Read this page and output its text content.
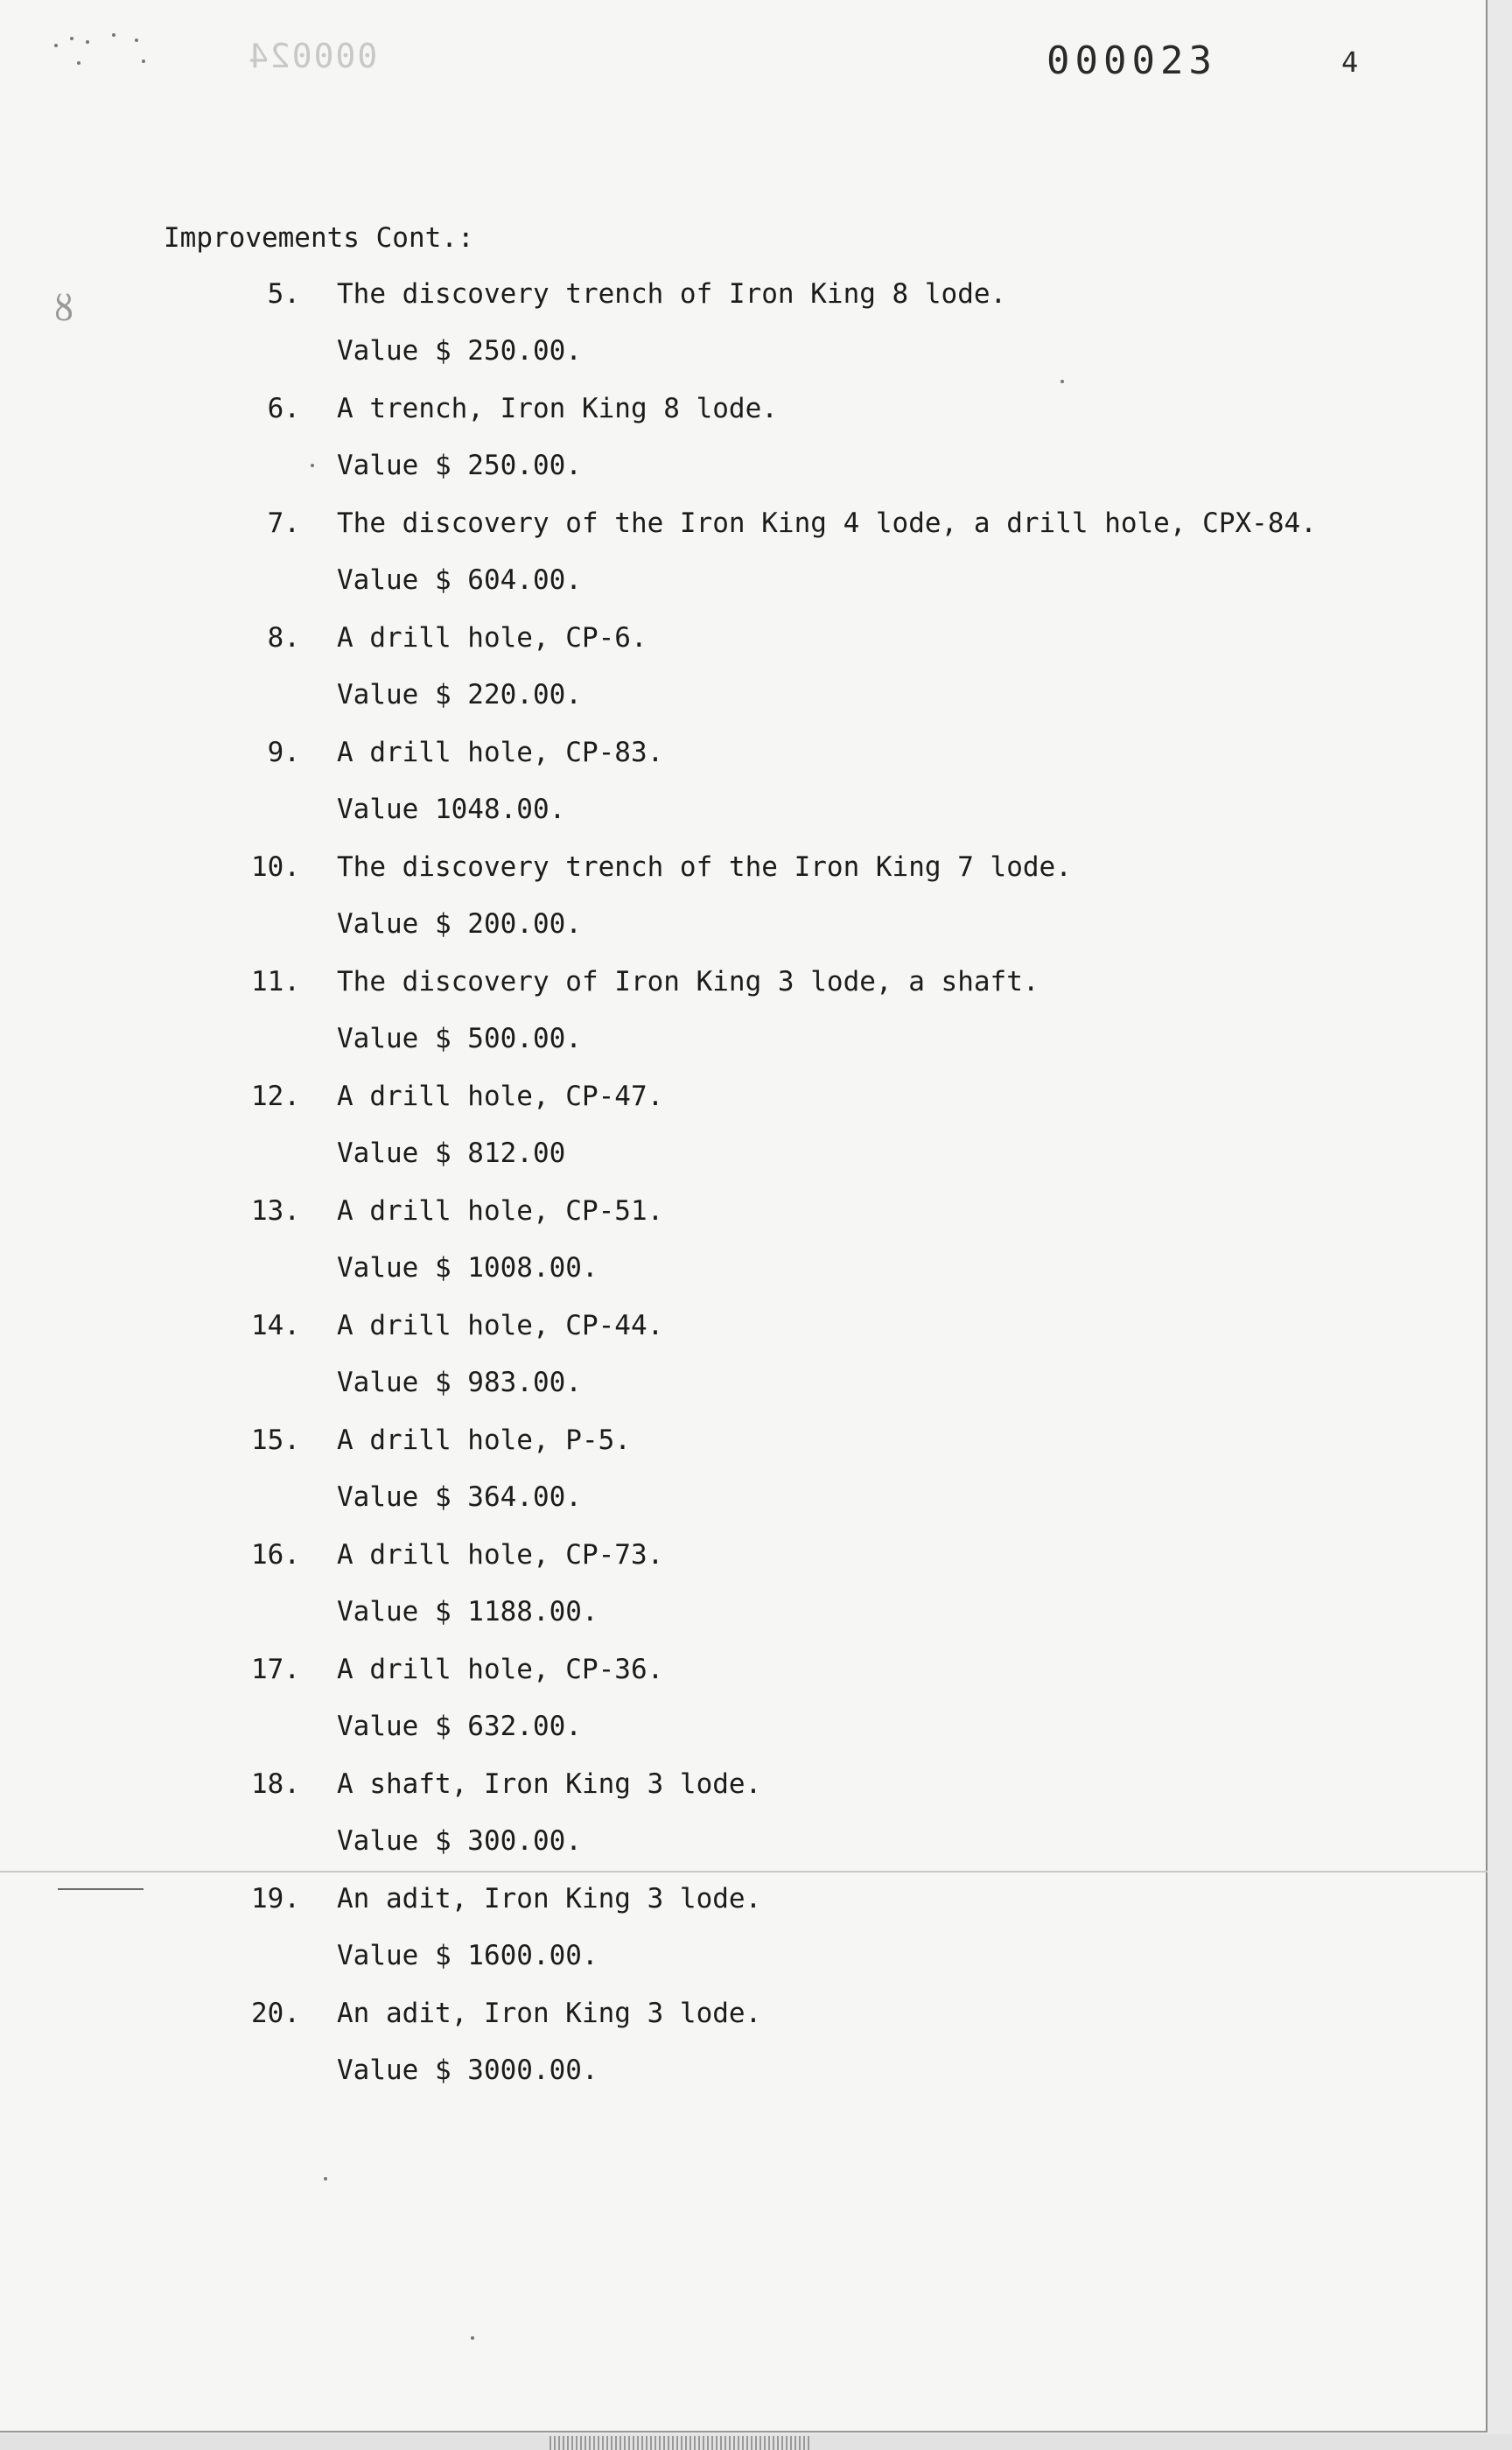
000024	000023	4
ȣ
Improvements Cont.:
5. The discovery trench of Iron King 8 lode.
Value $ 250.00.
6. A trench, Iron King 8 lode.
Value $ 250.00.
7. The discovery of the Iron King 4 lode, a drill hole, CPX-84.
Value $ 604.00.
8. A drill hole, CP-6.
Value $ 220.00.
9. A drill hole, CP-83.
Value 1048.00.
10. The discovery trench of the Iron King 7 lode.
Value $ 200.00.
11. The discovery of Iron King 3 lode, a shaft.
Value $ 500.00.
12. A drill hole, CP-47.
Value $ 812.00
13. A drill hole, CP-51.
Value $ 1008.00.
14. A drill hole, CP-44.
Value $ 983.00.
15. A drill hole, P-5.
Value $ 364.00.
16. A drill hole, CP-73.
Value $ 1188.00.
17. A drill hole, CP-36.
Value $ 632.00.
18. A shaft, Iron King 3 lode.
Value $ 300.00.
19. An adit, Iron King 3 lode.
Value $ 1600.00.
20. An adit, Iron King 3 lode.
Value $ 3000.00.
